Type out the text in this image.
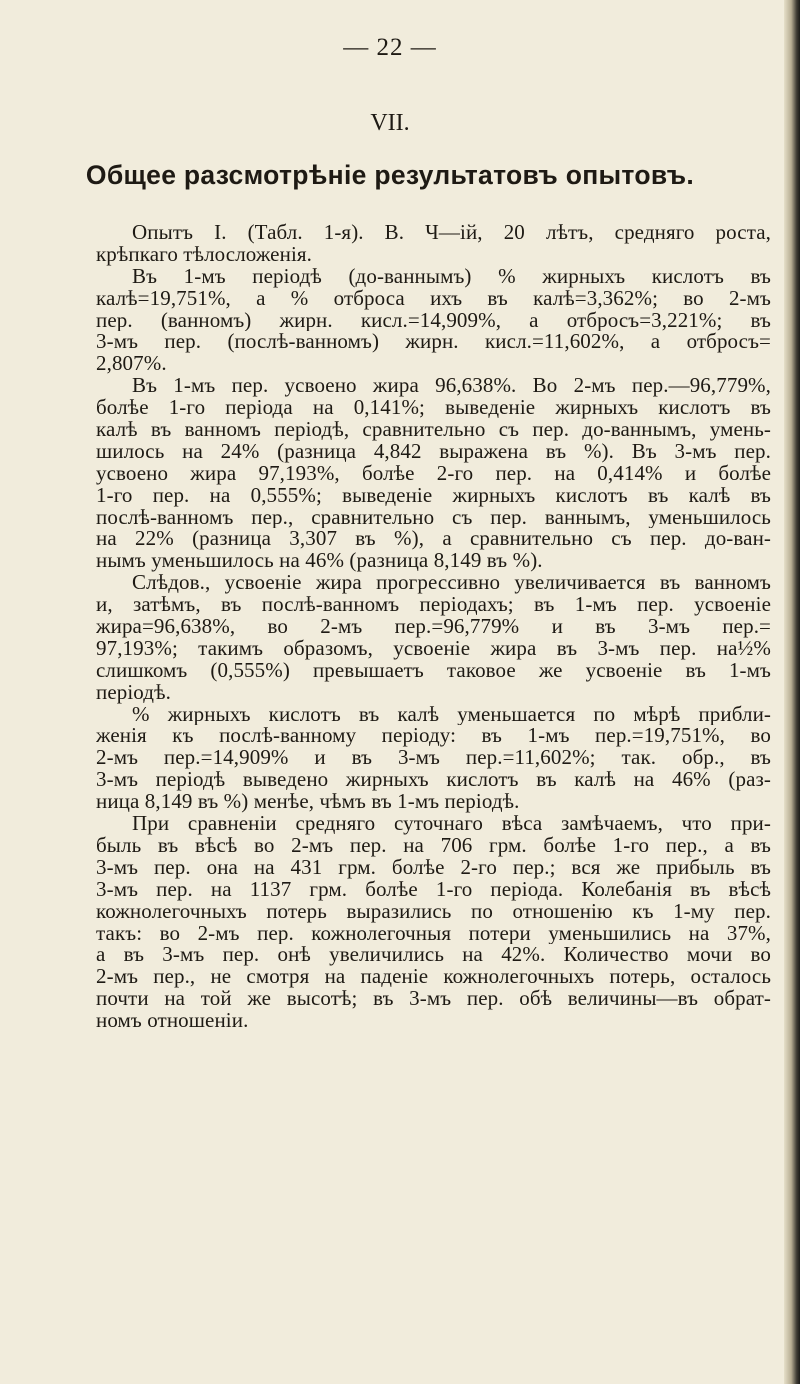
— 22 —
VII.
Общее разсмотрѣніе результатовъ опытовъ.
Опытъ I. (Табл. 1-я). В. Ч—ій, 20 лѣтъ, средняго роста,
крѣпкаго тѣлосложенія.
Въ 1-мъ періодѣ (до-ваннымъ) % жирныхъ кислотъ въ
калѣ=19,751%, а % отброса ихъ въ калѣ=3,362%; во 2-мъ
пер. (ванномъ) жирн. кисл.=14,909%, а отбросъ=3,221%; въ
3-мъ пер. (послѣ-ванномъ) жирн. кисл.=11,602%, а отбросъ=
2,807%.
Въ 1-мъ пер. усвоено жира 96,638%. Во 2-мъ пер.—96,779%,
болѣе 1-го періода на 0,141%; выведеніе жирныхъ кислотъ въ
калѣ въ ванномъ періодѣ, сравнительно съ пер. до-ваннымъ, умень-
шилось на 24% (разница 4,842 выражена въ %). Въ 3-мъ пер.
усвоено жира 97,193%, болѣе 2-го пер. на 0,414% и болѣе
1-го пер. на 0,555%; выведеніе жирныхъ кислотъ въ калѣ въ
послѣ-ванномъ пер., сравнительно съ пер. ваннымъ, уменьшилось
на 22% (разница 3,307 въ %), а сравнительно съ пер. до-ван-
нымъ уменьшилось на 46% (разница 8,149 въ %).
Слѣдов., усвоеніе жира прогрессивно увеличивается въ ванномъ
и, затѣмъ, въ послѣ-ванномъ періодахъ; въ 1-мъ пер. усвоеніе
жира=96,638%, во 2-мъ пер.=96,779% и въ 3-мъ пер.=
97,193%; такимъ образомъ, усвоеніе жира въ 3-мъ пер. на½%
слишкомъ (0,555%) превышаетъ таковое же усвоеніе въ 1-мъ
періодѣ.
% жирныхъ кислотъ въ калѣ уменьшается по мѣрѣ прибли-
женія къ послѣ-ванному періоду: въ 1-мъ пер.=19,751%, во
2-мъ пер.=14,909% и въ 3-мъ пер.=11,602%; так. обр., въ
3-мъ періодѣ выведено жирныхъ кислотъ въ калѣ на 46% (раз-
ница 8,149 въ %) менѣе, чѣмъ въ 1-мъ періодѣ.
При сравненіи средняго суточнаго вѣса замѣчаемъ, что при-
быль въ вѣсѣ во 2-мъ пер. на 706 грм. болѣе 1-го пер., а въ
3-мъ пер. она на 431 грм. болѣе 2-го пер.; вся же прибыль въ
3-мъ пер. на 1137 грм. болѣе 1-го періода. Колебанія въ вѣсѣ
кожнолегочныхъ потерь выразились по отношенію къ 1-му пер.
такъ: во 2-мъ пер. кожнолегочныя потери уменьшились на 37%,
а въ 3-мъ пер. онѣ увеличились на 42%. Количество мочи во
2-мъ пер., не смотря на паденіе кожнолегочныхъ потерь, осталось
почти на той же высотѣ; въ 3-мъ пер. обѣ величины—въ обрат-
номъ отношеніи.
